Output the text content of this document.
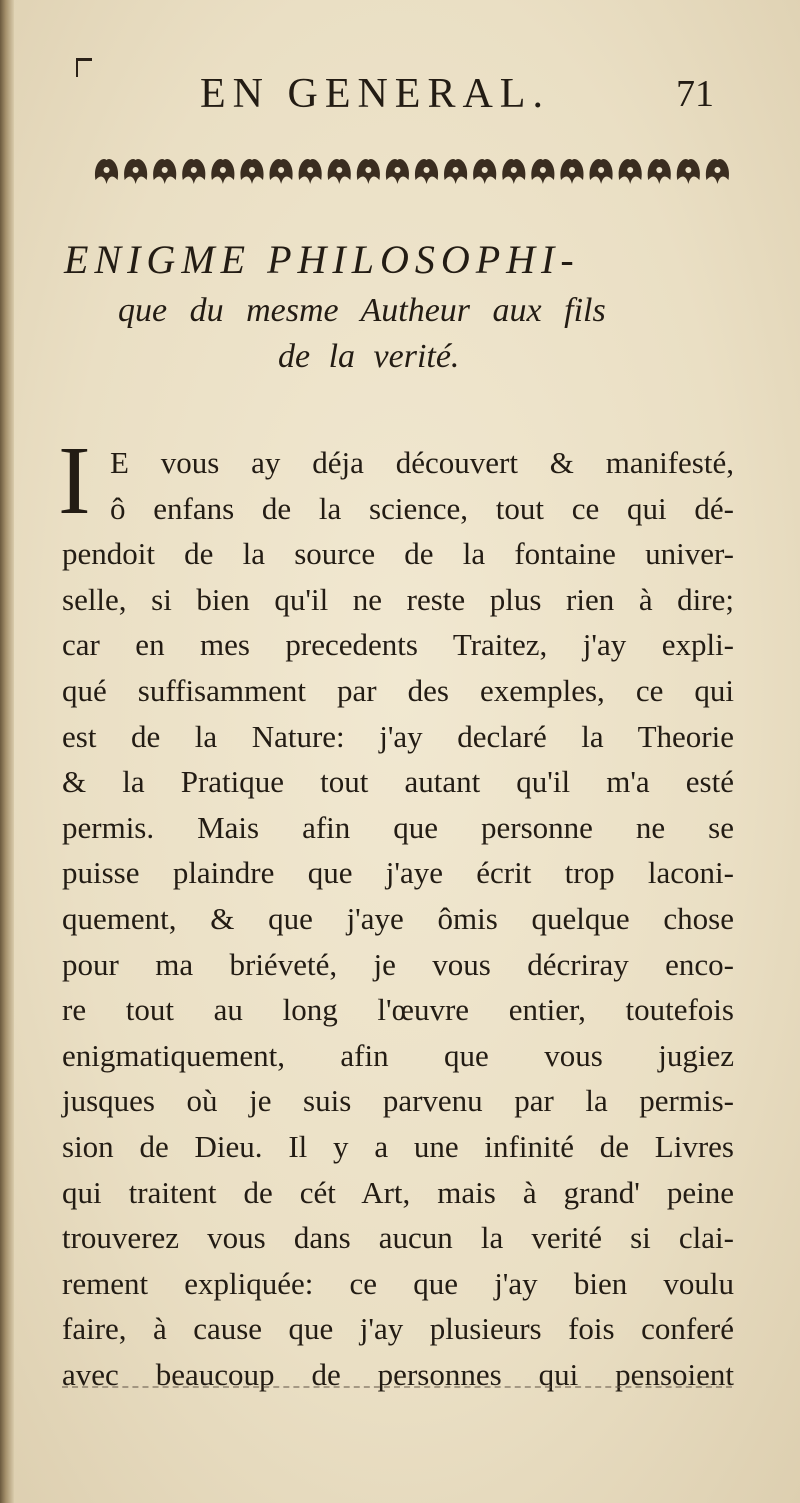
EN GENERAL.	71
ENIGME PHILOSOPHI-
que du mesme Autheur aux fils
de la verité.
I E vous ay déja découvert & manifesté,
ô enfans de la science, tout ce qui dé-
pendoit de la source de la fontaine univer-
selle, si bien qu'il ne reste plus rien à dire;
car en mes precedents Traitez, j'ay expli-
qué suffisamment par des exemples, ce qui
est de la Nature: j'ay declaré la Theorie
& la Pratique tout autant qu'il m'a esté
permis. Mais afin que personne ne se
puisse plaindre que j'aye écrit trop laconi-
quement, & que j'aye ômis quelque chose
pour ma briéveté, je vous décriray enco-
re tout au long l'œuvre entier, toutefois
enigmatiquement, afin que vous jugiez
jusques où je suis parvenu par la permis-
sion de Dieu. Il y a une infinité de Livres
qui traitent de cét Art, mais à grand' peine
trouverez vous dans aucun la verité si clai-
rement expliquée: ce que j'ay bien voulu
faire, à cause que j'ay plusieurs fois conferé
avec beaucoup de personnes qui pensoient
